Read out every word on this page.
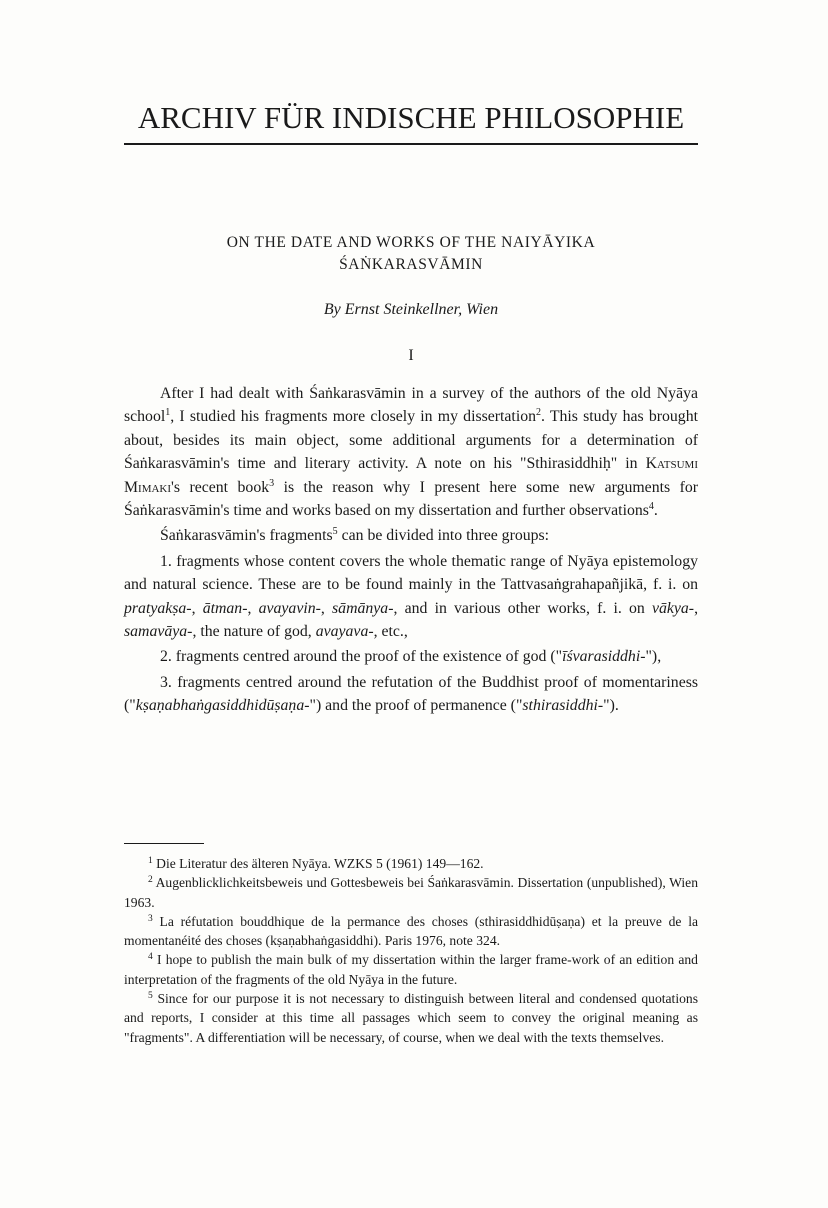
ARCHIV FÜR INDISCHE PHILOSOPHIE
ON THE DATE AND WORKS OF THE NAIYĀYIKA
ŚAṄKARASVĀMIN

By Ernst Steinkellner, Wien

I

After I had dealt with Śaṅkarasvāmin in a survey of the authors of the old Nyāya school$^1$, I studied his fragments more closely in my dissertation$^2$. This study has brought about, besides its main object, some additional arguments for a determination of Śaṅkarasvāmin's time and literary activity. A note on his "Sthirasiddhiḥ" in Katsumi Mimaki's recent book$^3$ is the reason why I present here some new arguments for Śaṅkarasvāmin's time and works based on my dissertation and further observations$^4$.

Śaṅkarasvāmin's fragments$^5$ can be divided into three groups:

1. fragments whose content covers the whole thematic range of Nyāya epistemology and natural science. These are to be found mainly in the Tattvasaṅgrahapañjikā, f. i. on pratyakṣa-, ātman-, avayavin-, sāmānya-, and in various other works, f. i. on vākya-, samavāya-, the nature of god, avayava-, etc.,

2. fragments centred around the proof of the existence of god ("īśvarasiddhi-"),

3. fragments centred around the refutation of the Buddhist proof of momentariness ("kṣaṇabhaṅgasiddhidūṣaṇa-") and the proof of permanence ("sthirasiddhi-").

$^1$ Die Literatur des älteren Nyāya. WZKS 5 (1961) 149—162.

$^2$ Augenblicklichkeitsbeweis und Gottesbeweis bei Śaṅkarasvāmin. Dissertation (unpublished), Wien 1963.

$^3$ La réfutation bouddhique de la permance des choses (sthirasiddhidūṣaṇa) et la preuve de la momentanéité des choses (kṣaṇabhaṅgasiddhi). Paris 1976, note 324.

$^4$ I hope to publish the main bulk of my dissertation within the larger frame-work of an edition and interpretation of the fragments of the old Nyāya in the future.

$^5$ Since for our purpose it is not necessary to distinguish between literal and condensed quotations and reports, I consider at this time all passages which seem to convey the original meaning as "fragments". A differentiation will be necessary, of course, when we deal with the texts themselves.
